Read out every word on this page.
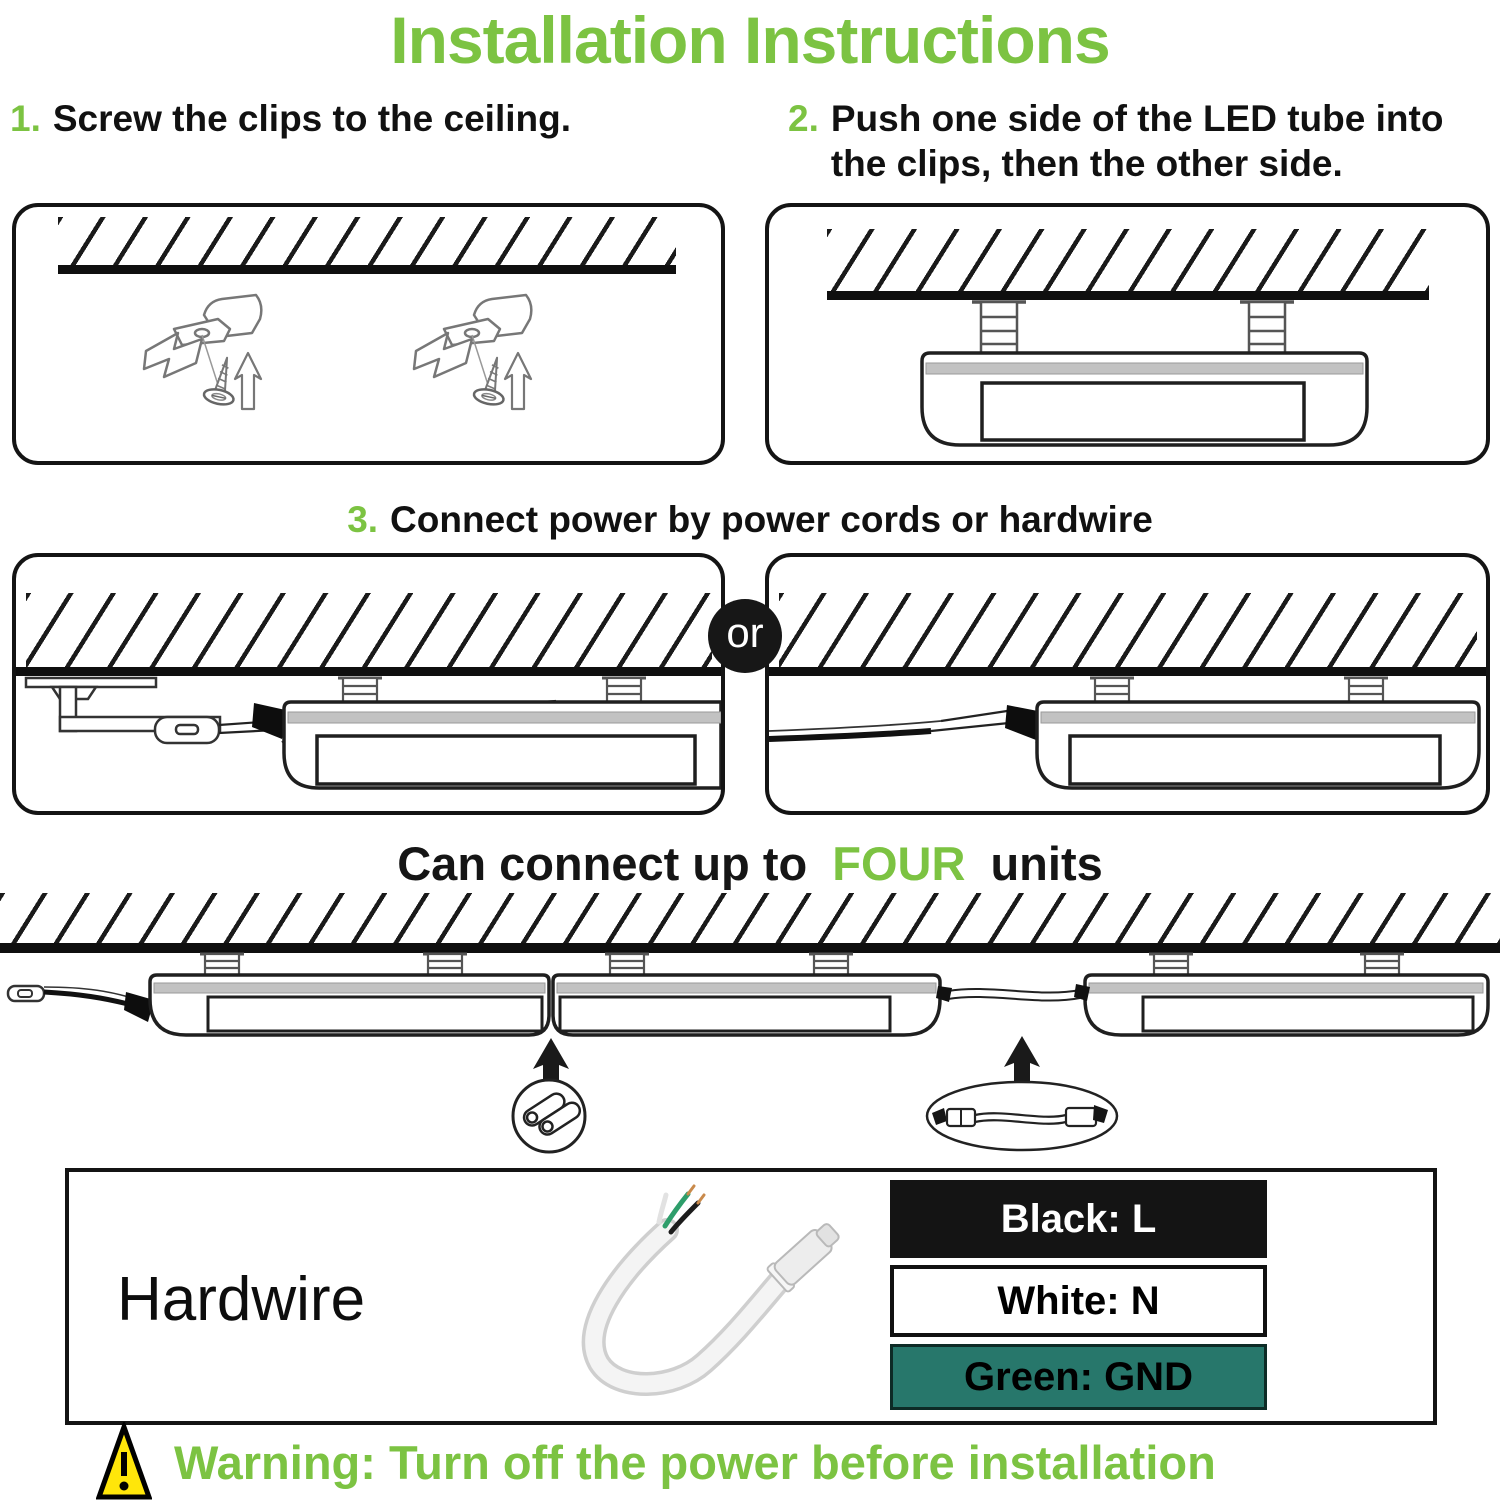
Installation Instructions
1. Screw the clips to the ceiling.	2. Push one side of the LED tube into the clips, then the other side.
3. Connect power by power cords or hardwire
or
Can connect up to FOUR units
Hardwire
Black: L
White: N
Green: GND
Warning: Turn off the power before installation
